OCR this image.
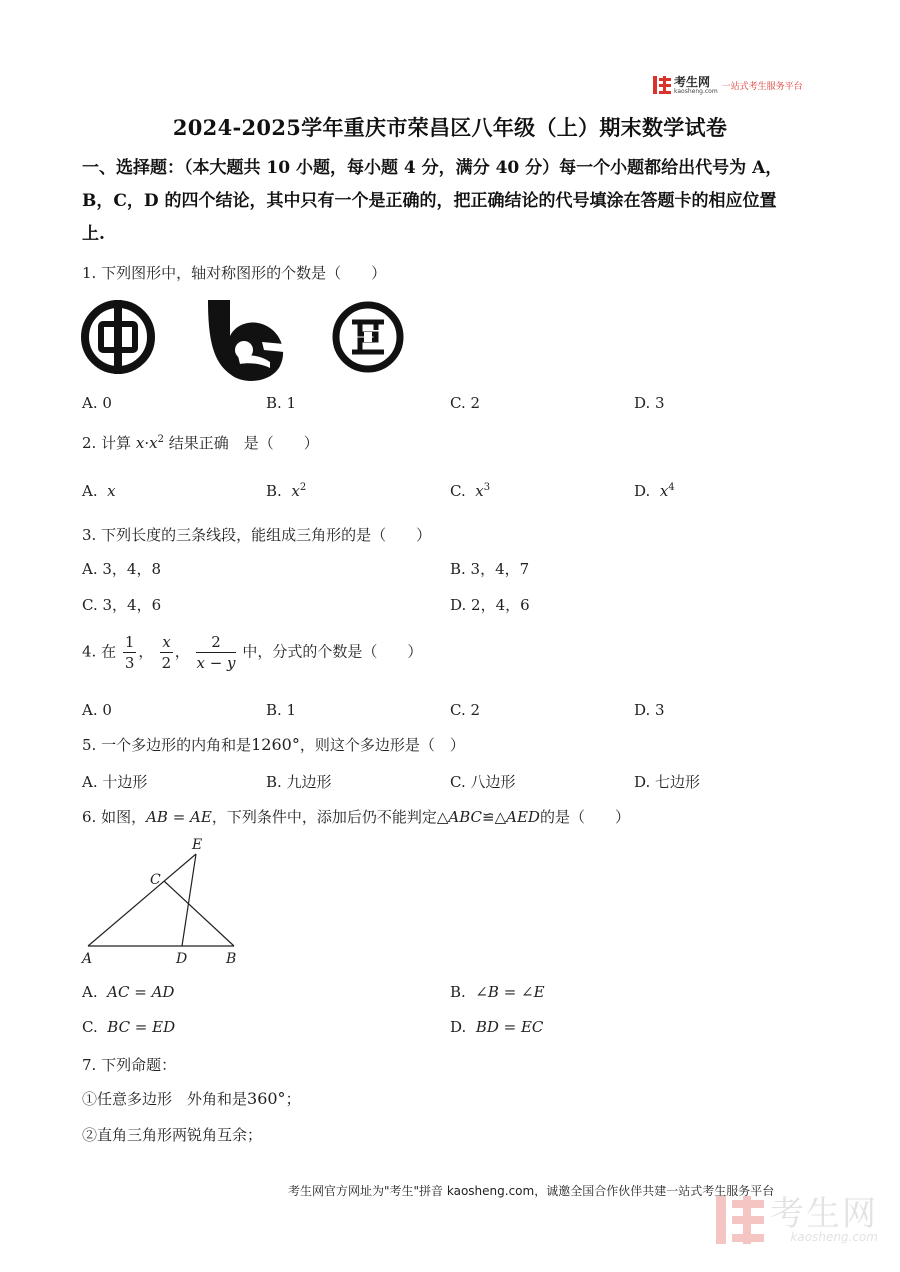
考生网
kaosheng.com 一站式考生服务平台
2024-2025学年重庆市荣昌区八年级（上）期末数学试卷
一、选择题：（本大题共 10 小题，每小题 4 分，满分 40 分）每一个小题都给出代号为 A，
B，C，D 的四个结论，其中只有一个是正确的，把正确结论的代号填涂在答题卡的相应位置
上.
1. 下列图形中，轴对称图形的个数是（　　）
A. 0	B. 1	C. 2	D. 3
2. 计算 $x\cdot x^2$ 结果正确　是（　　）
A. x	B. $x^2$	C. $x^3$	D. $x^4$
3. 下列长度的三条线段，能组成三角形的是（　　）
A. 3，4，8	B. 3，4，7
C. 3，4，6	D. 2，4，6
4. 在 $\frac{1}{3}$ ， $\frac{x}{2}$ ， $\frac{2}{x - y}$ 中，分式的个数是（　　）
A. 0	B. 1	C. 2	D. 3
5. 一个多边形的内角和是1260°，则这个多边形是（　）
A. 十边形	B. 九边形	C. 八边形	D. 七边形
6. 如图，AB = AE，下列条件中，添加后仍不能判定△ABC≌△AED的是（　　）
E
C
A	D	B
A. AC = AD	B. ∠B = ∠E
C. BC = ED	D. BD = EC
7. 下列命题：
①任意多边形　外角和是360°；
②直角三角形两锐角互余；
考生网官方网址为"考生"拼音 kaosheng.com，诚邀全国合作伙伴共建一站式考生服务平台
考生网
kaosheng.com
